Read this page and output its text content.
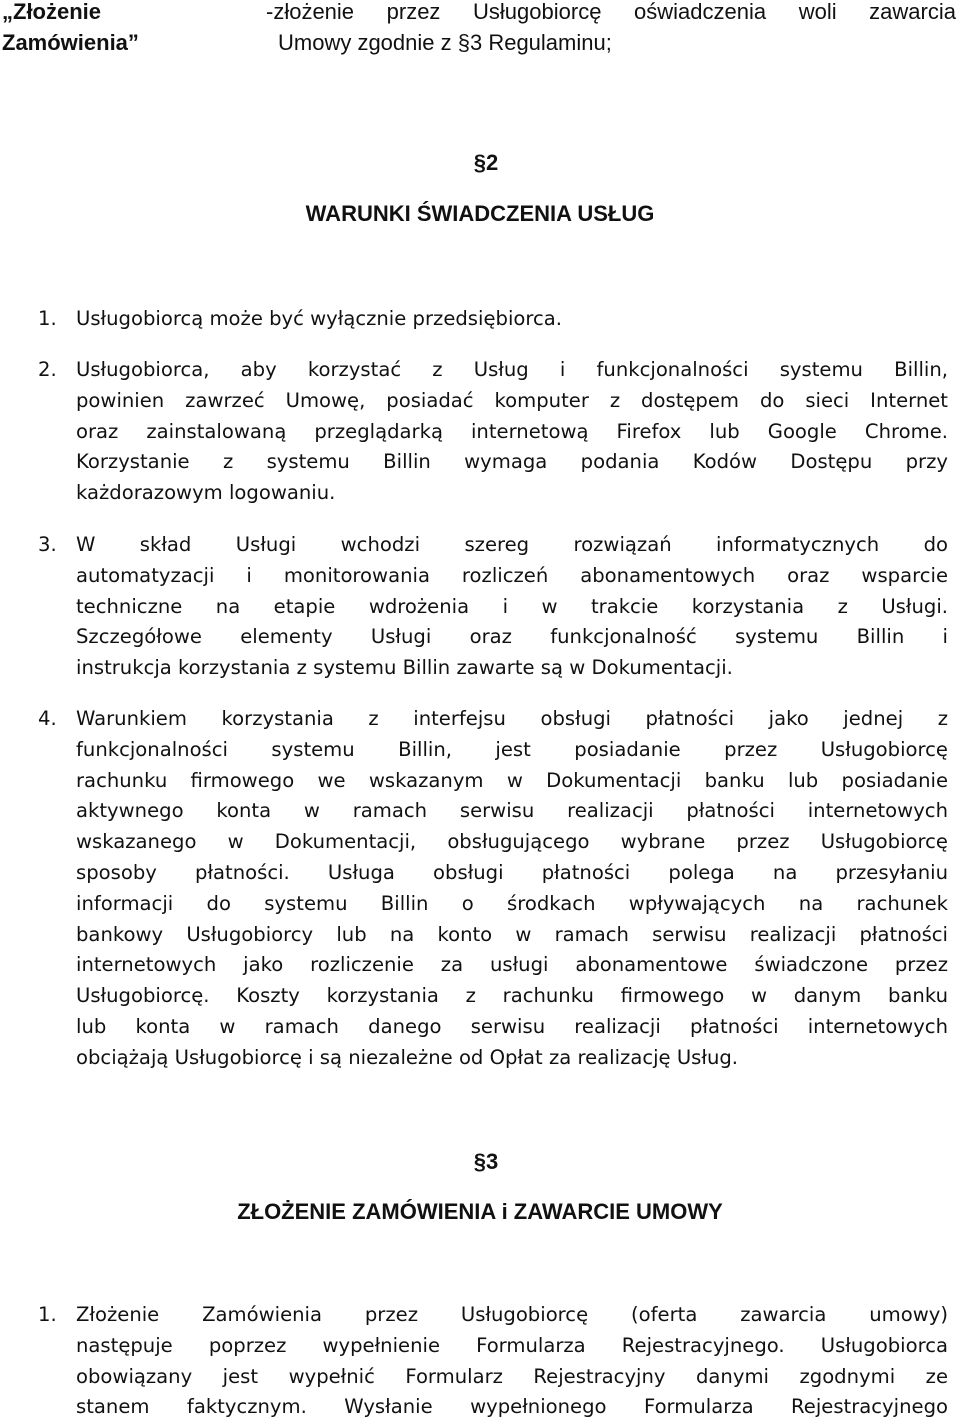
„Złożenie
Zamówienia”
-złożenie przez Usługobiorcę oświadczenia woli zawarcia
Umowy zgodnie z §3 Regulaminu;
§2
WARUNKI ŚWIADCZENIA USŁUG
1. Usługobiorcą może być wyłącznie przedsiębiorca.
2. Usługobiorca, aby korzystać z Usług i funkcjonalności systemu Billin,
powinien zawrzeć Umowę, posiadać komputer z dostępem do sieci Internet
oraz zainstalowaną przeglądarką internetową Firefox lub Google Chrome.
Korzystanie z systemu Billin wymaga podania Kodów Dostępu przy
każdorazowym logowaniu.
3. W skład Usługi wchodzi szereg rozwiązań informatycznych do
automatyzacji i monitorowania rozliczeń abonamentowych oraz wsparcie
techniczne na etapie wdrożenia i w trakcie korzystania z Usługi.
Szczegółowe elementy Usługi oraz funkcjonalność systemu Billin i
instrukcja korzystania z systemu Billin zawarte są w Dokumentacji.
4. Warunkiem korzystania z interfejsu obsługi płatności jako jednej z
funkcjonalności systemu Billin, jest posiadanie przez Usługobiorcę
rachunku firmowego we wskazanym w Dokumentacji banku lub posiadanie
aktywnego konta w ramach serwisu realizacji płatności internetowych
wskazanego w Dokumentacji, obsługującego wybrane przez Usługobiorcę
sposoby płatności. Usługa obsługi płatności polega na przesyłaniu
informacji do systemu Billin o środkach wpływających na rachunek
bankowy Usługobiorcy lub na konto w ramach serwisu realizacji płatności
internetowych jako rozliczenie za usługi abonamentowe świadczone przez
Usługobiorcę. Koszty korzystania z rachunku firmowego w danym banku
lub konta w ramach danego serwisu realizacji płatności internetowych
obciążają Usługobiorcę i są niezależne od Opłat za realizację Usług.
§3
ZŁOŻENIE ZAMÓWIENIA i ZAWARCIE UMOWY
1. Złożenie Zamówienia przez Usługobiorcę (oferta zawarcia umowy)
następuje poprzez wypełnienie Formularza Rejestracyjnego. Usługobiorca
obowiązany jest wypełnić Formularz Rejestracyjny danymi zgodnymi ze
stanem faktycznym. Wysłanie wypełnionego Formularza Rejestracyjnego
